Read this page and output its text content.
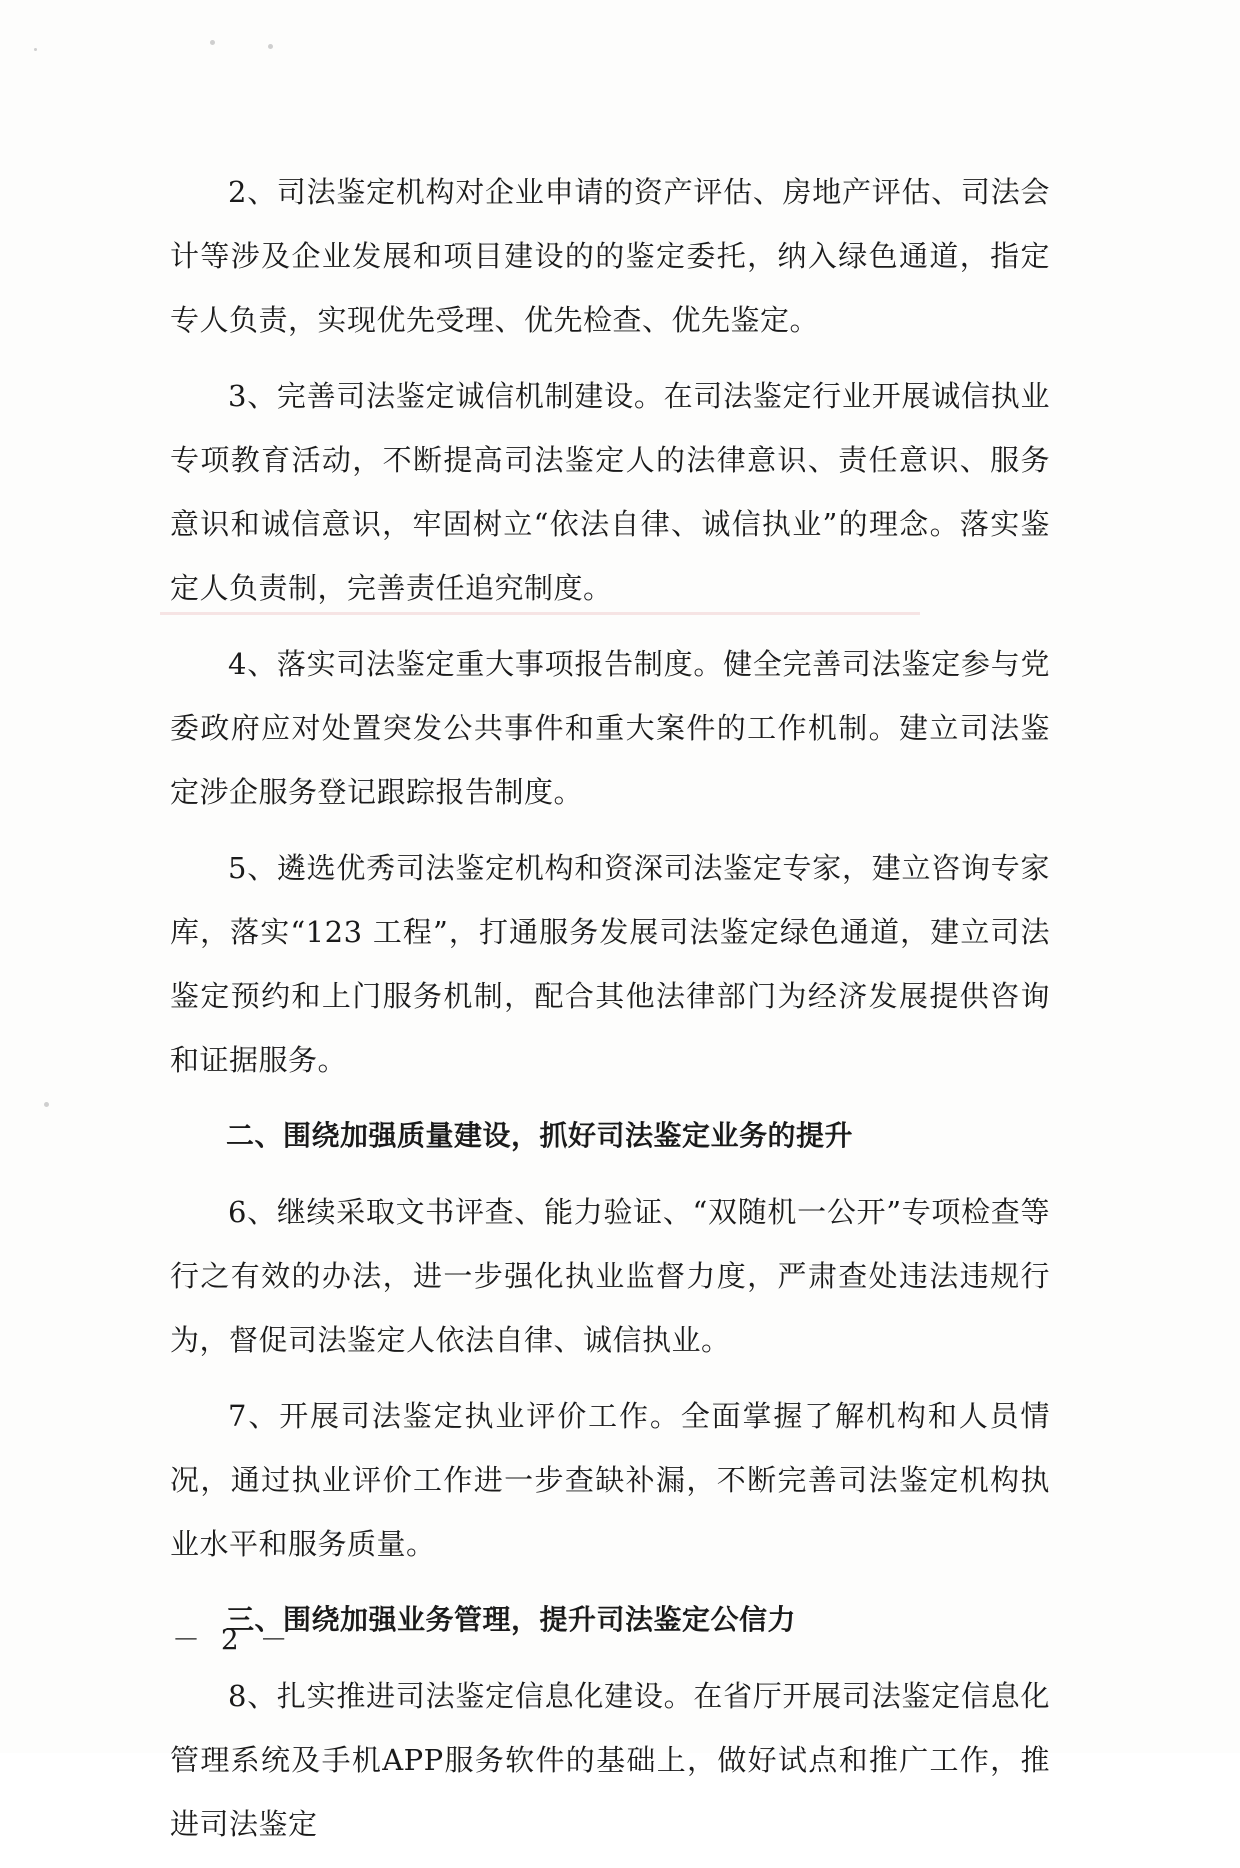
2、司法鉴定机构对企业申请的资产评估、房地产评估、司法会计等涉及企业发展和项目建设的的鉴定委托，纳入绿色通道，指定专人负责，实现优先受理、优先检查、优先鉴定。

3、完善司法鉴定诚信机制建设。在司法鉴定行业开展诚信执业专项教育活动，不断提高司法鉴定人的法律意识、责任意识、服务意识和诚信意识，牢固树立“依法自律、诚信执业”的理念。落实鉴定人负责制，完善责任追究制度。

4、落实司法鉴定重大事项报告制度。健全完善司法鉴定参与党委政府应对处置突发公共事件和重大案件的工作机制。建立司法鉴定涉企服务登记跟踪报告制度。

5、遴选优秀司法鉴定机构和资深司法鉴定专家，建立咨询专家库，落实“123 工程”，打通服务发展司法鉴定绿色通道，建立司法鉴定预约和上门服务机制，配合其他法律部门为经济发展提供咨询和证据服务。

二、围绕加强质量建设，抓好司法鉴定业务的提升

6、继续采取文书评查、能力验证、“双随机一公开”专项检查等行之有效的办法，进一步强化执业监督力度，严肃查处违法违规行为，督促司法鉴定人依法自律、诚信执业。

7、开展司法鉴定执业评价工作。全面掌握了解机构和人员情况，通过执业评价工作进一步查缺补漏，不断完善司法鉴定机构执业水平和服务质量。

三、围绕加强业务管理，提升司法鉴定公信力

8、扎实推进司法鉴定信息化建设。在省厅开展司法鉴定信息化管理系统及手机APP服务软件的基础上，做好试点和推广工作，推进司法鉴定

－ 2 －
